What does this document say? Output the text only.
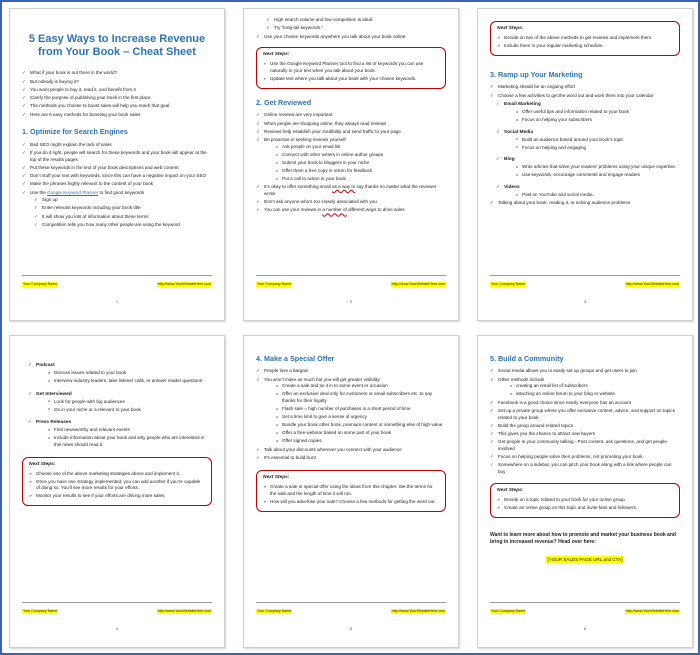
5 Easy Ways to Increase Revenue from Your Book – Cheat Sheet
✓ What if your book is out there in the world?
✓ But nobody is buying it?
✓ You want people to buy it, read it, and benefit from it
✓ Clarify the purpose of publishing your book in the first place
✓ The methods you choose to boost sales will help you reach that goal
✓ Here are 5 easy methods for boosting your book sales
1. Optimize for Search Engines
✓ Bad SEO might explain the lack of sales
✓ If you do it right, people will search for these keywords and your book will appear at the top of the results pages
✓ Put these keywords in the text of your book descriptions and web content
✓ Don’t stuff your text with keywords, since this can have a negative impact on your SEO
✓ Make the phrases highly relevant to the content of your book
✓ Use the Google Keyword Planner to find good keywords
✓ Sign up
✓ Enter relevant keywords including your book title
✓ It will show you lots of information about these terms
✓ Competition tells you how many other people are using the keyword
Your Company Name	http://www.YourWebsiteHere.com
1
✓ High search volume and low competition is ideal.
✓ Try “long-tail keywords.”
✓ Use your chosen keywords anywhere you talk about your book online.
Next Steps:
➢ Use the Google Keyword Planner tool to find a list of keywords you can use naturally in your text when you talk about your book.
➢ Update text where you talk about your book with your chosen keywords.
2. Get Reviewed
✓ Online reviews are very important
✓ When people are shopping online, they always read reviews
✓ Reviews help establish your credibility and send traffic to your page
✓ Be proactive in seeking reviews yourself
o Ask people on your email list
o Connect with other writers in online author groups
o Submit your book to bloggers in your niche
o Offer them a free copy in return for feedback
o Put a call to action in your book
✓ It’s okay to offer something small as a way to say thanks no matter what the reviewer wrote
✓ Don’t ask anyone who’s too closely associated with you
✓ You can use your reviews in a number of different ways to drive sales
Your Company Name	http://www.YourWebsiteHere.com
2
Next Steps:
➢ Decide on two of the above methods to get reviews and implement them.
➢ Include them in your regular marketing schedule.
3. Ramp up Your Marketing
✓ Marketing should be an ongoing effort
✓ Choose a few activities to get the word out and work them into your calendar
✓ Email Marketing
o Offer useful tips and information related to your book
o Focus on helping your subscribers
✓ Social Media
o Build an audience based around your book’s topic
o Focus on helping and engaging
✓ Blog
o Write articles that solve your readers’ problems using your unique expertise.
o Use keywords, encourage comments and engage readers
✓ Videos
o Post on YouTube and social media.
✓ Talking about your book, reading it, or solving audience problems
Your Company Name	http://www.YourWebsiteHere.com
3
✓ Podcast
o Discuss issues related to your book
o Interview industry leaders, take listener calls, or answer reader questions
✓ Get Interviewed
o Look for people with big audiences
o On in your niche or a relevant to your book
✓ Press Releases
o Find newsworthy and relevant events
o Include information about your book and why people who are interested in this news should read it
Next Steps:
➢ Choose one of the above marketing strategies above and implement it.
➢ Once you have one strategy implemented, you can add another if you’re capable of doing so. You’ll see more results for your efforts.
➢ Monitor your results to see if your efforts are driving more sales.
Your Company Name	http://www.YourWebsiteHere.com
4
4. Make a Special Offer
✓ People love a bargain
✓ You won’t make as much but you will get greater visibility
o Create a sale and tie it in to some event or occasion
o Offer an exclusive deal only for customers or email subscribers etc, to say thanks for their loyalty
o Flash sale = high number of purchases in a short period of time
o Set a time limit to give a sense of urgency
o Bundle your book other book, premium content or something else of high value
o Offer a free webinar based on some part of your book
o Offer signed copies
✓ Talk about your discounts wherever you connect with your audience
✓ It’s essential to build buzz
Next Steps:
➢ Create a sale or special offer using the ideas from this chapter. Set the terms for the sale and the length of time it will run.
➢ How will you advertise your sale? Choose a few methods for getting the word out.
Your Company Name	http://www.YourWebsiteHere.com
5
5. Build a Community
✓ Social media allows you to easily set up groups and get users to join
✓ Other methods include
o creating an email list of subscribers
o attaching an online forum to your blog or website
✓ Facebook is a good choice since nearly everyone has an account
✓ Set up a private group where you offer exclusive content, advice, and support on topics related to your book
✓ Build the group around related topics
✓ This gives you the chance to attract new buyers
✓ Get people in your community talking - Post content, ask questions, and get people involved
✓ Focus on helping people solve their problems, not promoting your book.
✓ Somewhere on a sidebar, you can pitch your book along with a link where people can buy
Next Steps:
➢ Decide on a topic related to your book for your online group.
➢ Create an online group on this topic and invite fans and followers.
Want to learn more about how to promote and market your business book and bring in increased revenue? Head over here:
[YOUR SALES PAGE URL and CTA]
Your Company Name	http://www.YourWebsiteHere.com
6
